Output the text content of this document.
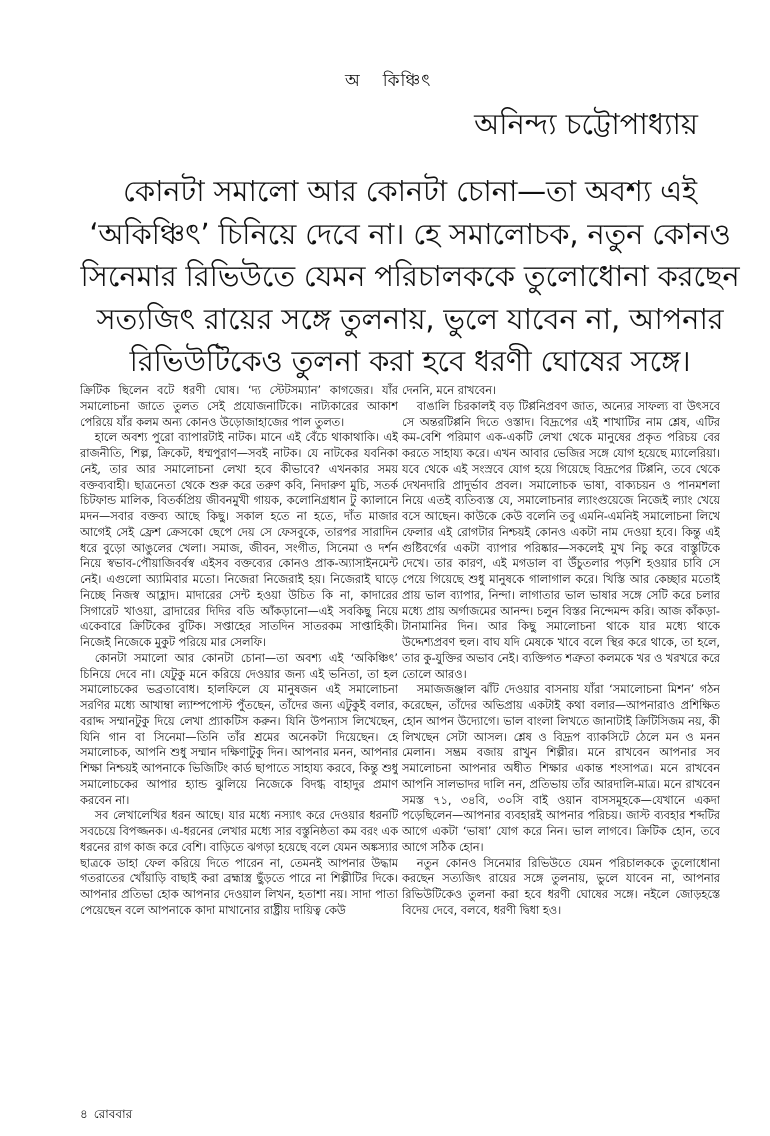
অ কিঞ্চিৎ
অনিন্দ্য চট্টোপাধ্যায়
কোনটা সমালো আর কোনটা চোনা—তা অবশ্য এই
‘অকিঞ্চিৎ’ চিনিয়ে দেবে না। হে সমালোচক, নতুন কোনও
সিনেমার রিভিউতে যেমন পরিচালককে তুলোধোনা করছেন
সত্যজিৎ রায়ের সঙ্গে তুলনায়, ভুলে যাবেন না, আপনার
রিভিউটিকেও তুলনা করা হবে ধরণী ঘোষের সঙ্গে।

ক্রিটিক ছিলেন বটে ধরণী ঘোষ। ‘দ্য স্টেটসম্যান’ কাগজের। যাঁর সমালোচনা জাতে তুলত সেই প্রযোজনাটিকে। নাট্যকারের আকাশ পেরিয়ে যাঁর কলম অন্য কোনও উড়োজাহাজের পাল তুলত।

হালে অবশ্য পুরো ব্যাপারটাই নাটক। মানে এই বেঁচে থাকাথাকি। এই রাজনীতি, শিল্প, ক্রিকেট, ধম্মপুরাণ—সবই নাটক। যে নাটকের যবনিকা নেই, তার আর সমালোচনা লেখা হবে কীভাবে? এখনকার সময় বক্তব্যবাহী। ছাত্রনেতা থেকে শুরু করে তরুণ কবি, নিদারুণ মুচি, সতর্ক চিটফান্ড মালিক, বিতর্কপ্রিয় জীবনমুখী গায়ক, কলোনিগ্রধান টু ক্যালানে মদন—সবার বক্তব্য আছে কিছু। সকাল হতে না হতে, দাঁত মাজার আগেই সেই ফ্রেশ ক্রেসকো ছেপে দেয় সে ফেসবুকে, তারপর সারাদিন ধরে বুড়ো আঙুলের খেলা। সমাজ, জীবন, সংগীত, সিনেমা ও দর্শন নিয়ে স্বভাব-পৌয়াজিবর্বস্ব এইসব বক্তব্যের কোনও প্রাক-অ্যাসাইনমেন্ট নেই। এগুলো অ্যামিবার মতো। নিজেরা নিজেরাই হয়। নিজেরাই ঘাড়ে নিচ্ছে নিজস্ব আহ্লাদ। মাদারের সেন্ট হওয়া উচিত কি না, কাদারের সিগারেট খাওয়া, ব্রাদারের দিদির বডি আঁকড়ানো—এই সবকিছু নিয়ে একেবারে ক্রিটিকের বুটিক। সপ্তাহের সাতদিন সাতরকম সাপ্তাহিকী। নিজেই নিজেকে মুকুট পরিয়ে মার সেলফি।

কোনটা সমালো আর কোনটা চোনা—তা অবশ্য এই ‘অকিঞ্চিৎ’ চিনিয়ে দেবে না। যেটুকু মনে করিয়ে দেওয়ার জন্য এই ভনিতা, তা হল সমালোচকের ভব্রতাবোধ। হালফিলে যে মানুষজন এই সমালোচনা সরণির মধ্যে আখাম্বা ল্যাম্পপোস্ট পুঁতছেন, তাঁদের জন্য এটুকুই বলার, বরাদ্দ সম্মানটুকু দিয়ে লেখা প্র্যাকটিস করুন। যিনি উপন্যাস লিখেছেন, যিনি গান বা সিনেমা—তিনি তাঁর শ্রমের অনেকটা দিয়েছেন। হে সমালোচক, আপনি শুধু সম্মান দক্ষিণাটুকু দিন। আপনার মনন, আপনার শিক্ষা নিশ্চয়ই আপনাকে ভিজিটিং কার্ড ছাপাতে সাহায্য করবে, কিন্তু শুধু সমালোচকের আপার হ্যান্ড ঝুলিয়ে নিজেকে বিদগ্ধ বাহাদুর প্রমাণ করবেন না।

সব লেখালেখির ধরন আছে। যার মধ্যে নস্যাৎ করে দেওয়ার ধরনটি সবচেয়ে বিপজ্জনক। এ-ধরনের লেখার মধ্যে সার বস্তুনিষ্ঠতা কম বরং এক ধরনের রাগ কাজ করে বেশি। বাড়িতে ঝগড়া হয়েছে বলে যেমন অঙ্কস্যার ছাত্রকে ডাহা ফেল করিয়ে দিতে পারেন না, তেমনই আপনার উদ্ধাম গতরাতের খোঁয়াড়ি বাছাই করা ব্রহ্মাস্ত্র ছুঁড়তে পারে না শিল্পীটির দিকে। আপনার প্রতিভা হোক আপনার দেওয়াল লিখন, হতাশা নয়। সাদা পাতা পেয়েছেন বলে আপনাকে কাদা মাখানোর রাষ্ট্রীয় দায়িত্ব কেউ

দেননি, মনে রাখবেন।

বাঙালি চিরকালই বড় টিপ্পনিপ্রবণ জাত, অন্যের সাফল্য বা উৎসবে সে অন্তরটিপ্পনি দিতে ওস্তাদ। বিদ্রূপের এই শাখাটির নাম শ্লেষ, এটির কম-বেশি পরিমাণ এক-একটি লেখা থেকে মানুষের প্রকৃত পরিচয় বের করতে সাহায্য করে। এখন আবার ভেজির সঙ্গে যোগ হয়েছে ম্যালেরিয়া। যবে থেকে এই সংস্রবে যোগ হয়ে গিয়েছে বিদ্রূপের টিপ্পনি, তবে থেকে দেখনদারি প্রাদুর্ভাব প্রবল। সমালোচক ভাষা, বাক্যচয়ন ও পানমশলা নিয়ে এতই ব্যতিব্যস্ত যে, সমালোচনার ল্যাংগুয়েজে নিজেই ল্যাং খেয়ে বসে আছেন। কাউকে কেউ বলেনি তবু এমনি-এমনিই সমালোচনা লিখে ফেলার এই রোগটার নিশ্চয়ই কোনও একটা নাম দেওয়া হবে। কিন্তু এই গুষ্টিবর্গের একটা ব্যাপার পরিষ্কার—সকলেই মুখ নিচু করে বাস্তুটিকে দেখে। তার কারণ, এই মগডাল বা উঁচুতলার পড়শি হওয়ার চাবি সে পেয়ে গিয়েছে শুধু মানুষকে গালাগাল করে। খিস্তি আর কেচ্ছার মতোই প্রায় ভাল ব্যাপার, নিন্দা। লাগাতার ভাল ভাষার সঙ্গে সেটি করে চলার মধ্যে প্রায় অর্গাজমের আনন্দ। চলুন বিস্তর নিন্দেমন্দ করি। আজ কাঁকড়া-টানামানির দিন। আর কিছু সমালোচনা থাকে যার মধ্যে থাকে উদ্দেশ্যপ্রবণ হুল। বাঘ যদি মেষকে খাবে বলে স্থির করে থাকে, তা হলে, তার কু-যুক্তির অভাব নেই। ব্যক্তিগত শত্রুতা কলমকে খর ও খরখরে করে তোলে আরও।

সমাজজঞ্জাল ঝাঁট দেওয়ার বাসনায় যাঁরা ‘সমালোচনা মিশন’ গঠন করেছেন, তাঁদের অভিপ্রায় একটাই কথা বলার—আপনারাও প্রশিক্ষিত হোন আপন উদ্যোগে। ভাল বাংলা লিখতে জানাটাই ক্রিটিসিজম নয়, কী লিখছেন সেটা আসল। শ্লেষ ও বিদ্রূপ ব্যাকসিটে ঠেলে মন ও মনন মেলান। সম্ভ্রম বজায় রাখুন শিল্পীর। মনে রাখবেন আপনার সব সমালোচনা আপনার অধীত শিক্ষার একান্ত শংসাপত্র। মনে রাখবেন আপনি সালভাদর দালি নন, প্রতিভায় তাঁর আরদালি-মাত্র। মনে রাখবেন সমস্ত ৭১, ৩৪বি, ৩০সি বাই ওয়ান বাসসমূহকে—যেখানে একদা পড়েছিলেন—আপনার ব্যবহারই আপনার পরিচয়। জাস্ট ব্যবহার শব্দটির আগে একটা ‘ভাষা’ যোগ করে নিন। ভাল লাগবে। ক্রিটিক হোন, তবে আগে সঠিক হোন।

নতুন কোনও সিনেমার রিভিউতে যেমন পরিচালককে তুলোধোনা করছেন সত্যজিৎ রায়ের সঙ্গে তুলনায়, ভুলে যাবেন না, আপনার রিভিউটিকেও তুলনা করা হবে ধরণী ঘোষের সঙ্গে। নইলে জোড়হস্তে বিদেয় দেবে, বলবে, ধরণী দ্বিধা হও।

৪ রোববার
